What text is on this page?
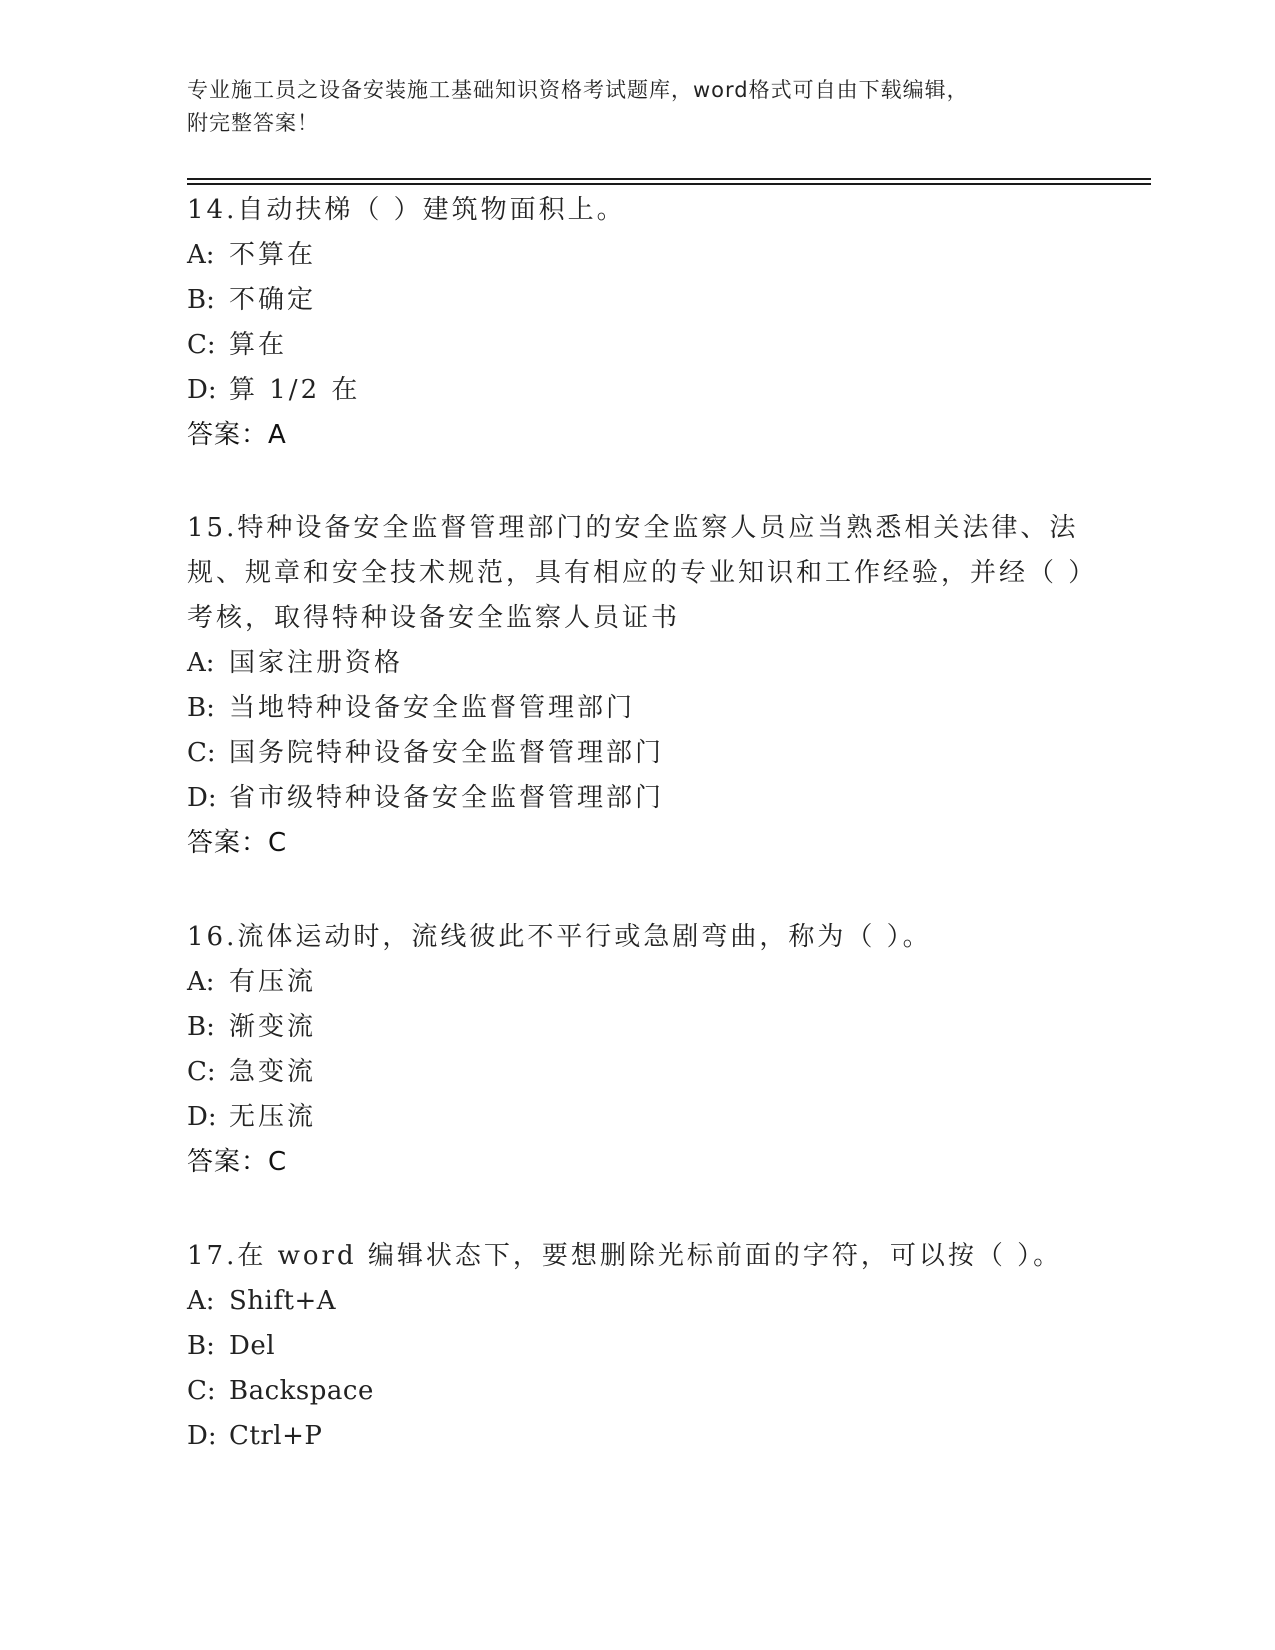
专业施工员之设备安装施工基础知识资格考试题库，word格式可自由下载编辑，
附完整答案！
14.自动扶梯（ ）建筑物面积上。
A: 不算在
B: 不确定
C: 算在
D: 算 1/2 在
答案：A
15.特种设备安全监督管理部门的安全监察人员应当熟悉相关法律、法规、规章和安全技术规范，具有相应的专业知识和工作经验，并经（ ）考核，取得特种设备安全监察人员证书
A: 国家注册资格
B: 当地特种设备安全监督管理部门
C: 国务院特种设备安全监督管理部门
D: 省市级特种设备安全监督管理部门
答案：C
16.流体运动时，流线彼此不平行或急剧弯曲，称为（ ）。
A: 有压流
B: 渐变流
C: 急变流
D: 无压流
答案：C
17.在 word 编辑状态下，要想删除光标前面的字符，可以按（ ）。
A: Shift+A
B: Del
C: Backspace
D: Ctrl+P
